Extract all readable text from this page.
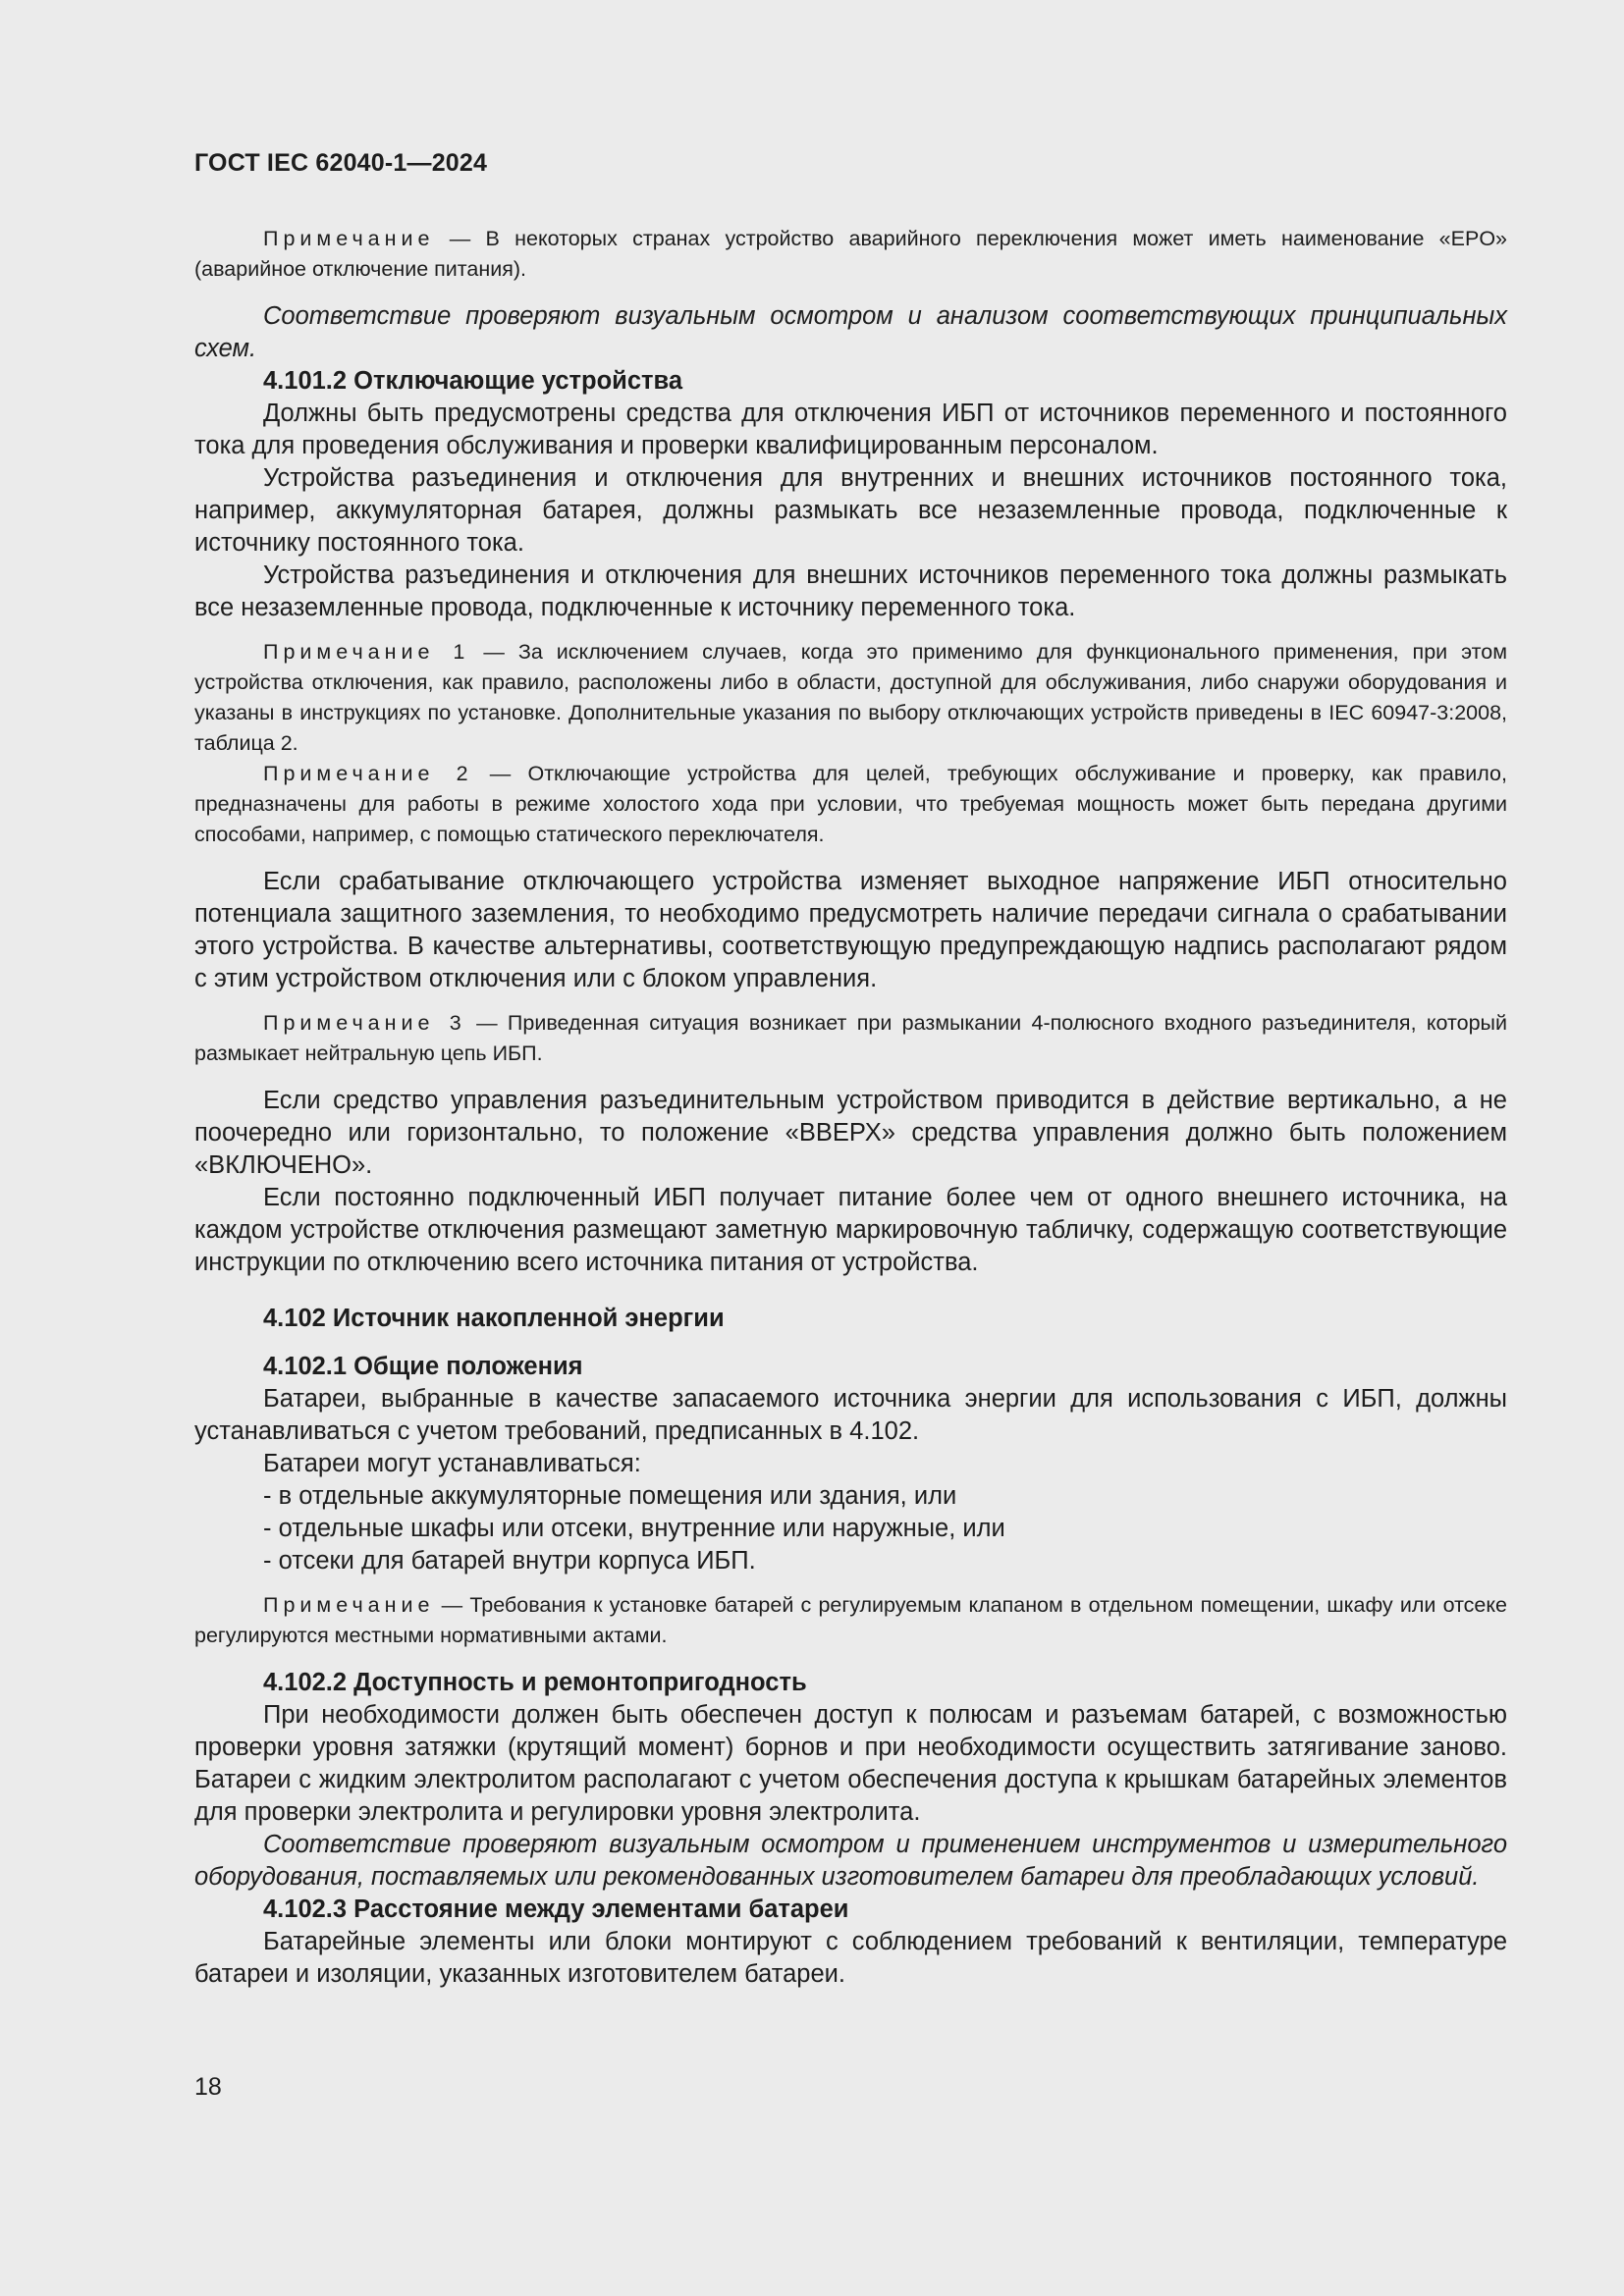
ГОСТ IEC 62040-1—2024

Примечание — В некоторых странах устройство аварийного переключения может иметь наименование «EPO» (аварийное отключение питания).

Соответствие проверяют визуальным осмотром и анализом соответствующих принципиальных схем.

4.101.2 Отключающие устройства

Должны быть предусмотрены средства для отключения ИБП от источников переменного и постоянного тока для проведения обслуживания и проверки квалифицированным персоналом.

Устройства разъединения и отключения для внутренних и внешних источников постоянного тока, например, аккумуляторная батарея, должны размыкать все незаземленные провода, подключенные к источнику постоянного тока.

Устройства разъединения и отключения для внешних источников переменного тока должны размыкать все незаземленные провода, подключенные к источнику переменного тока.

Примечание 1 — За исключением случаев, когда это применимо для функционального применения, при этом устройства отключения, как правило, расположены либо в области, доступной для обслуживания, либо снаружи оборудования и указаны в инструкциях по установке. Дополнительные указания по выбору отключающих устройств приведены в IEC 60947-3:2008, таблица 2.

Примечание 2 — Отключающие устройства для целей, требующих обслуживание и проверку, как правило, предназначены для работы в режиме холостого хода при условии, что требуемая мощность может быть передана другими способами, например, с помощью статического переключателя.

Если срабатывание отключающего устройства изменяет выходное напряжение ИБП относительно потенциала защитного заземления, то необходимо предусмотреть наличие передачи сигнала о срабатывании этого устройства. В качестве альтернативы, соответствующую предупреждающую надпись располагают рядом с этим устройством отключения или с блоком управления.

Примечание 3 — Приведенная ситуация возникает при размыкании 4-полюсного входного разъединителя, который размыкает нейтральную цепь ИБП.

Если средство управления разъединительным устройством приводится в действие вертикально, а не поочередно или горизонтально, то положение «ВВЕРХ» средства управления должно быть положением «ВКЛЮЧЕНО».

Если постоянно подключенный ИБП получает питание более чем от одного внешнего источника, на каждом устройстве отключения размещают заметную маркировочную табличку, содержащую соответствующие инструкции по отключению всего источника питания от устройства.

4.102 Источник накопленной энергии

4.102.1 Общие положения

Батареи, выбранные в качестве запасаемого источника энергии для использования с ИБП, должны устанавливаться с учетом требований, предписанных в 4.102.

Батареи могут устанавливаться:

- в отдельные аккумуляторные помещения или здания, или

- отдельные шкафы или отсеки, внутренние или наружные, или

- отсеки для батарей внутри корпуса ИБП.

Примечание — Требования к установке батарей с регулируемым клапаном в отдельном помещении, шкафу или отсеке регулируются местными нормативными актами.

4.102.2 Доступность и ремонтопригодность

При необходимости должен быть обеспечен доступ к полюсам и разъемам батарей, с возможностью проверки уровня затяжки (крутящий момент) борнов и при необходимости осуществить затягивание заново. Батареи с жидким электролитом располагают с учетом обеспечения доступа к крышкам батарейных элементов для проверки электролита и регулировки уровня электролита.

Соответствие проверяют визуальным осмотром и применением инструментов и измерительного оборудования, поставляемых или рекомендованных изготовителем батареи для преобладающих условий.

4.102.3 Расстояние между элементами батареи

Батарейные элементы или блоки монтируют с соблюдением требований к вентиляции, температуре батареи и изоляции, указанных изготовителем батареи.

18
